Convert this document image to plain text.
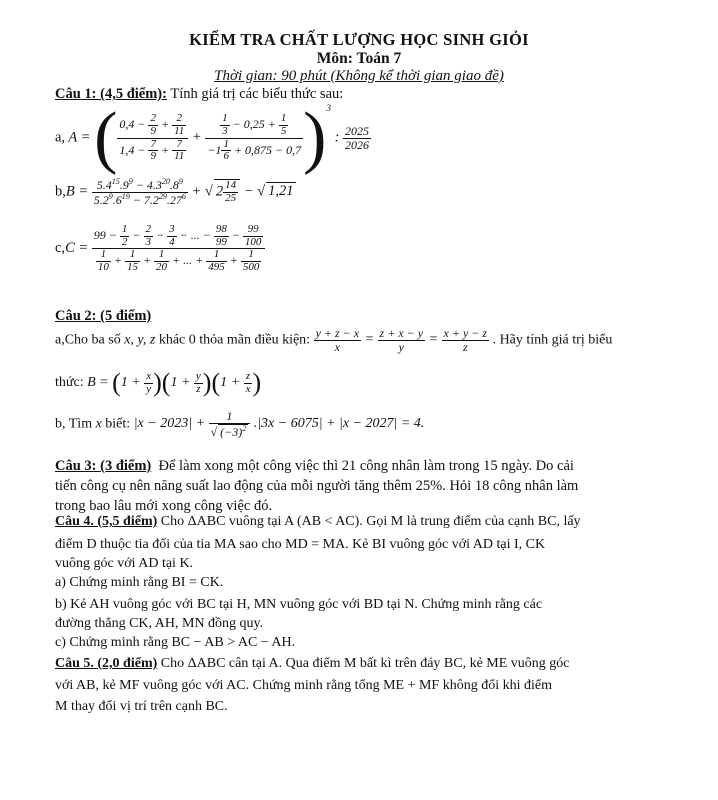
KIỂM TRA CHẤT LƯỢNG HỌC SINH GIỎI
Môn: Toán 7
Thời gian: 90 phút (Không kể thời gian giao đề)
Câu 1: (4,5 điểm): Tính giá trị các biểu thức sau:
a, A = ( $\frac{0,4 - \frac{2}{9} + \frac{2}{11}}{1,4 - \frac{7}{9} + \frac{7}{11}} + \frac{\frac{1}{3} - 0,25 + \frac{1}{5}}{-1 \frac{1}{6} + 0,875 - 0,7} )^3$ : $\frac{2025}{2026}$
$b,B = \frac{5.4^{15}.9^9 - 4.3^{20}.8^9}{5.2^9.6^{19} - 7.2^{29}.27^6}$ + √ $2 \frac{14}{25}$ − √ 1,21
$c,C = \frac{99 - \frac{1}{2} - \frac{2}{3} - \frac{3}{4} - ... - \frac{98}{99} - \frac{99}{100}}{\frac{1}{10} + \frac{1}{15} + \frac{1}{20} + ... + \frac{1}{495} + \frac{1}{500}}$
Câu 2: (5 điểm)
a,Cho ba số x, y, z khác 0 thỏa mãn điều kiện: $\frac{y + z - x}{x} = \frac{z + x - y}{y} = \frac{x + y - z}{z}$ . Hãy tính giá trị biểu
thức: $B = (1 + \frac{x}{y} )(1 + \frac{y}{z} )(1 + \frac{z}{x}$ )
b, Tìm x biết: $|x - 2023| + \frac{1}{√ (-3)^2} .|3x - 6075| + |x - 2027| = 4$.
Câu 3: (3 điểm) Để làm xong một công việc thì 21 công nhân làm trong 15 ngày. Do cải
tiến công cụ nên năng suất lao động của mỗi người tăng thêm 25%. Hỏi 18 công nhân làm
trong bao lâu mới xong công việc đó.
Câu 4. (5,5 điểm) Cho ΔABC vuông tại A (AB < AC). Gọi M là trung điểm của cạnh BC, lấy
điểm D thuộc tia đối của tia MA sao cho MD = MA. Kẻ BI vuông góc với AD tại I, CK
vuông góc với AD tại K.
a) Chứng minh rằng BI = CK.
b) Kẻ AH vuông góc với BC tại H, MN vuông góc với BD tại N. Chứng minh rằng các
đường thẳng CK, AH, MN đồng quy.
c) Chứng minh rằng BC − AB > AC − AH.
Câu 5. (2,0 điểm) Cho ΔABC cân tại A. Qua điểm M bất kì trên đáy BC, kẻ ME vuông góc
với AB, kẻ MF vuông góc với AC. Chứng minh rằng tổng ME + MF không đổi khi điểm
M thay đổi vị trí trên cạnh BC.
